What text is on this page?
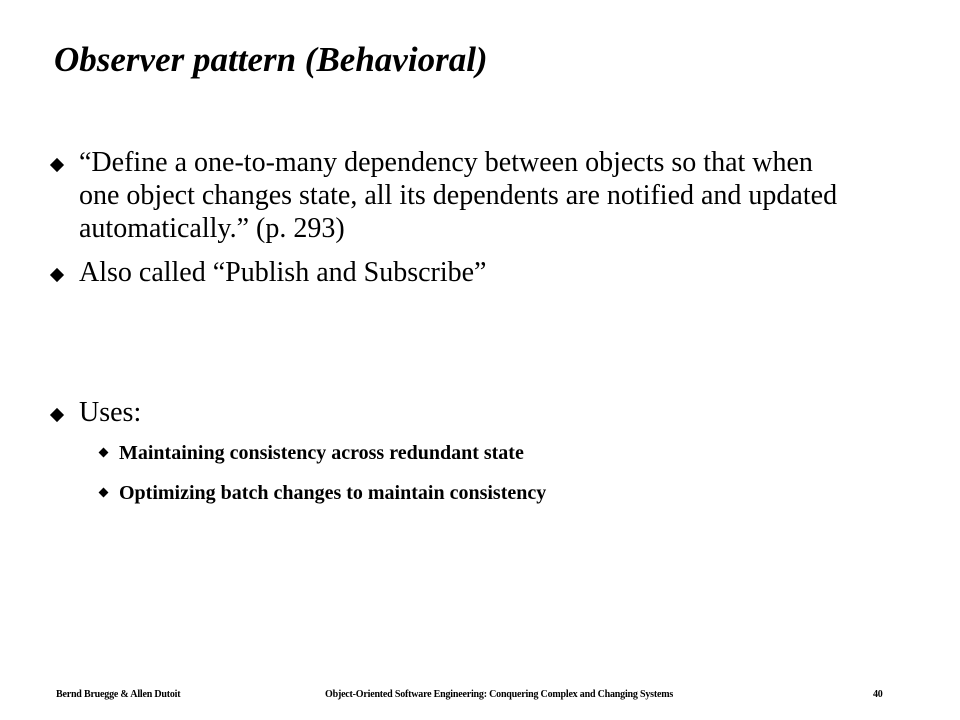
Observer pattern (Behavioral)
“Define a one-to-many dependency between objects so that when one object changes state, all its dependents are notified and updated automatically.” (p. 293)
Also called “Publish and Subscribe”
Uses:
Maintaining consistency across redundant state
Optimizing batch changes to maintain consistency
Bernd Bruegge & Allen Dutoit	Object-Oriented Software Engineering: Conquering Complex and Changing Systems	40
